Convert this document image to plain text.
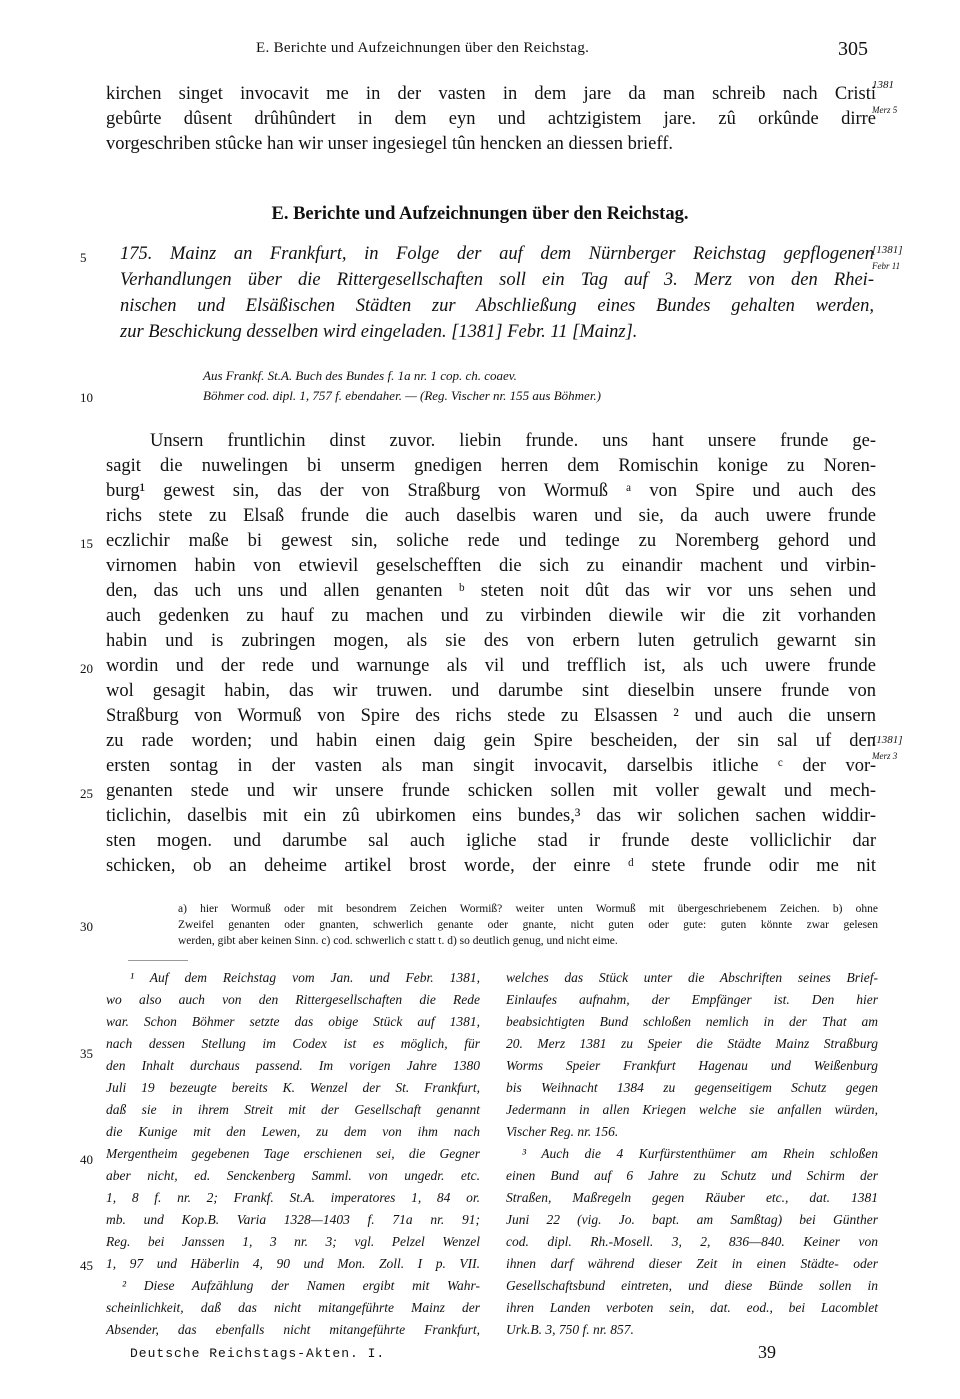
E. Berichte und Aufzeichnungen über den Reichstag.	305
kirchen singet invocavit me in der vasten in dem jare da man schreib nach Cristi
gebûrte dûsent drûhûndert in dem eyn und achtzigistem jare. zû orkûnde dirre
vorgeschriben stûcke han wir unser ingesiegel tûn hencken an diessen brieff.
1381
Merz 5
E. Berichte und Aufzeichnungen über den Reichstag.
5 175. Mainz an Frankfurt, in Folge der auf dem Nürnberger Reichstag gepflogenen
Verhandlungen über die Rittergesellschaften soll ein Tag auf 3. Merz von den Rhei-
nischen und Elsäßischen Städten zur Abschließung eines Bundes gehalten werden,
zur Beschickung desselben wird eingeladen. [1381] Febr. 11 [Mainz].
[1381]
Febr 11
Aus Frankf. St.A. Buch des Bundes f. 1a nr. 1 cop. ch. coaev.
10	Böhmer cod. dipl. 1, 757 f. ebendaher. — (Reg. Vischer nr. 155 aus Böhmer.)
Unsern fruntlichin dinst zuvor. liebin frunde. uns hant unsere frunde ge-
sagit die nuwelingen bi unserm gnedigen herren dem Romischin konige zu Noren-
burg¹ gewest sin, das der von Straßburg von Wormuß ᵃ von Spire und auch des
richs stete zu Elsaß frunde die auch daselbis waren und sie, da auch uwere frunde
15 eczlichir maße bi gewest sin, soliche rede und tedinge zu Noremberg gehord und
virnomen habin von etwievil geselschefften die sich zu einandir machent und virbin-
den, das uch uns und allen genanten ᵇ steten noit dût das wir vor uns sehen und
auch gedenken zu hauf zu machen und zu virbinden diewile wir die zit vorhanden
habin und is zubringen mogen, als sie des von erbern luten getrulich gewarnt sin
20 wordin und der rede und warnunge als vil und trefflich ist, als uch uwere frunde
wol gesagit habin, das wir truwen. und darumbe sint dieselbin unsere frunde von
Straßburg von Wormuß von Spire des richs stede zu Elsassen ² und auch die unsern
zu rade worden; und habin einen daig gein Spire bescheiden, der sin sal uf den
ersten sontag in der vasten als man singit invocavit, darselbis itliche ᶜ der vor-
25 genanten stede und wir unsere frunde schicken sollen mit voller gewalt und mech-
ticlichin, daselbis mit ein zû ubirkomen eins bundes,³ das wir solichen sachen widdir-
sten mogen. und darumbe sal auch igliche stad ir frunde deste volliclichir dar
schicken, ob an deheime artikel brost worde, der einre ᵈ stete frunde odir me nit
[1381]
Merz 3
a) hier Wormuß oder mit besondrem Zeichen Wormiß? weiter unten Wormuß mit übergeschriebenem Zeichen. b) ohne
30	Zweifel genanten oder gnanten, schwerlich genante oder gnante, nicht guten oder gute: guten könnte zwar gelesen
werden, gibt aber keinen Sinn. c) cod. schwerlich c statt t. d) so deutlich genug, und nicht eime.
¹ Auf dem Reichstag vom Jan. und Febr. 1381,
wo also auch von den Rittergesellschaften die Rede
war. Schon Böhmer setzte das obige Stück auf 1381,
35
nach dessen Stellung im Codex ist es möglich, für
den Inhalt durchaus passend. Im vorigen Jahre 1380
Juli 19 bezeugte bereits K. Wenzel der St. Frankfurt,
daß sie in ihrem Streit mit der Gesellschaft genannt
die Kunige mit den Lewen, zu dem von ihm nach
40 Mergentheim gegebenen Tage erschienen sei, die Gegner
aber nicht, ed. Senckenberg Samml. von ungedr. etc.
1, 8 f. nr. 2; Frankf. St.A. imperatores 1, 84 or.
mb. und Kop.B. Varia 1328—1403 f. 71a nr. 91;
Reg. bei Janssen 1, 3 nr. 3; vgl. Pelzel Wenzel
45 1, 97 und Häberlin 4, 90 und Mon. Zoll. I p. VII.
² Diese Aufzählung der Namen ergibt mit Wahr-
scheinlichkeit, daß das nicht mitangeführte Mainz der
Absender, das ebenfalls nicht mitangeführte Frankfurt,
welches das Stück unter die Abschriften seines Brief-
Einlaufes aufnahm, der Empfänger ist. Den hier
beabsichtigten Bund schloßen nemlich in der That am
20. Merz 1381 zu Speier die Städte Mainz Straßburg
Worms Speier Frankfurt Hagenau und Weißenburg
bis Weihnacht 1384 zu gegenseitigem Schutz gegen
Jedermann in allen Kriegen welche sie anfallen würden,
Vischer Reg. nr. 156.
³ Auch die 4 Kurfürstenthümer am Rhein schloßen
einen Bund auf 6 Jahre zu Schutz und Schirm der
Straßen, Maßregeln gegen Räuber etc., dat. 1381
Juni 22 (vig. Jo. bapt. am Samßtag) bei Günther
cod. dipl. Rh.-Mosell. 3, 2, 836—840. Keiner von
ihnen darf während dieser Zeit in einen Städte- oder
Gesellschaftsbund eintreten, und diese Bünde sollen in
ihren Landen verboten sein, dat. eod., bei Lacomblet
Urk.B. 3, 750 f. nr. 857.
Deutsche Reichstags-Akten. I.	39
